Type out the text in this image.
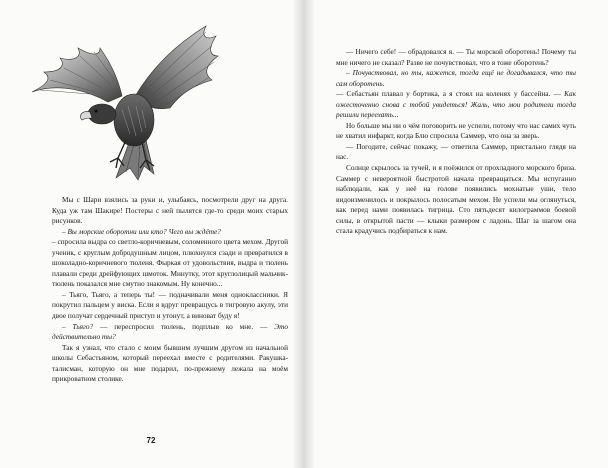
Мы с Шари взялись за руки и, улыбаясь, посмотрели друг на друга. Куда уж там Шакире! Постеры с ней пылятся где-то среди моих старых рисунков.

– Вы морские оборотни или кто? Чего вы ждёте?

– спросила выдра со светло-коричневым, соломенного цвета мехом. Другой ученик, с круглым добродушным лицом, плюхнулся сзади и превратился в шоколадно-коричневого тюленя. Фыркая от удовольствия, выдра и тюлень плавали среди дрейфующих шмоток. Минутку, этот круглолицый мальчик-тюлень показался мне смутно знакомым. Ну конечно...

– Тьяго, Тьяго, а теперь ты! — подначивали меня одноклассники. Я покрутил пальцем у виска. Если я вдруг превращусь в тигровую акулу, эти двое получат сердечный приступ и утонут, а виноват буду я!

– Тьяго? — переспросил тюлень, подплыв ко мне. — Это действительно ты?

Так я узнал, что стало с моим бывшим лучшим другом из начальной школы Себастьяном, который переехал вместе с родителями. Ракушка-талисман, которую он мне подарил, по-прежнему лежала на моём прикроватном столике.

72

— Ничего себе! — обрадовался я. — Ты морской оборотень! Почему ты мне ничего не сказал? Разве не почувствовал, что я тоже оборотень?

– Почувствовал, но ты, кажется, тогда ещё не догадывался, что ты сам оборотень.

— Себастьян плавал у бортика, а я стоял на коленях у бассейна. — Как ожесточенно снова с тобой увидеться! Жаль, что мои родители тогда решили переехать...

Но больше мы ни о чём поговорить не успели, потому что нас самих чуть не хватил инфаркт, когда Блю спросила Саммер, что она за зверь.

— Погодите, сейчас покажу, — ответила Саммер, пристально глядя на нас.

Солнце скрылось за тучей, и я поёжился от прохладного морского бриза. Саммер с невероятной быстротой начала превращаться. Мы испуганно наблюдали, как у неё на голове появились мохнатые уши, тело видоизменилось и покрылось полосатым мехом. Не успели мы оглянуться, как перед нами появилась тигрица. Сто пятьдесят килограммов боевой силы, в открытой пасти — клыки размером с ладонь. Шаг за шагом она стала крадучись подбираться к нам.
